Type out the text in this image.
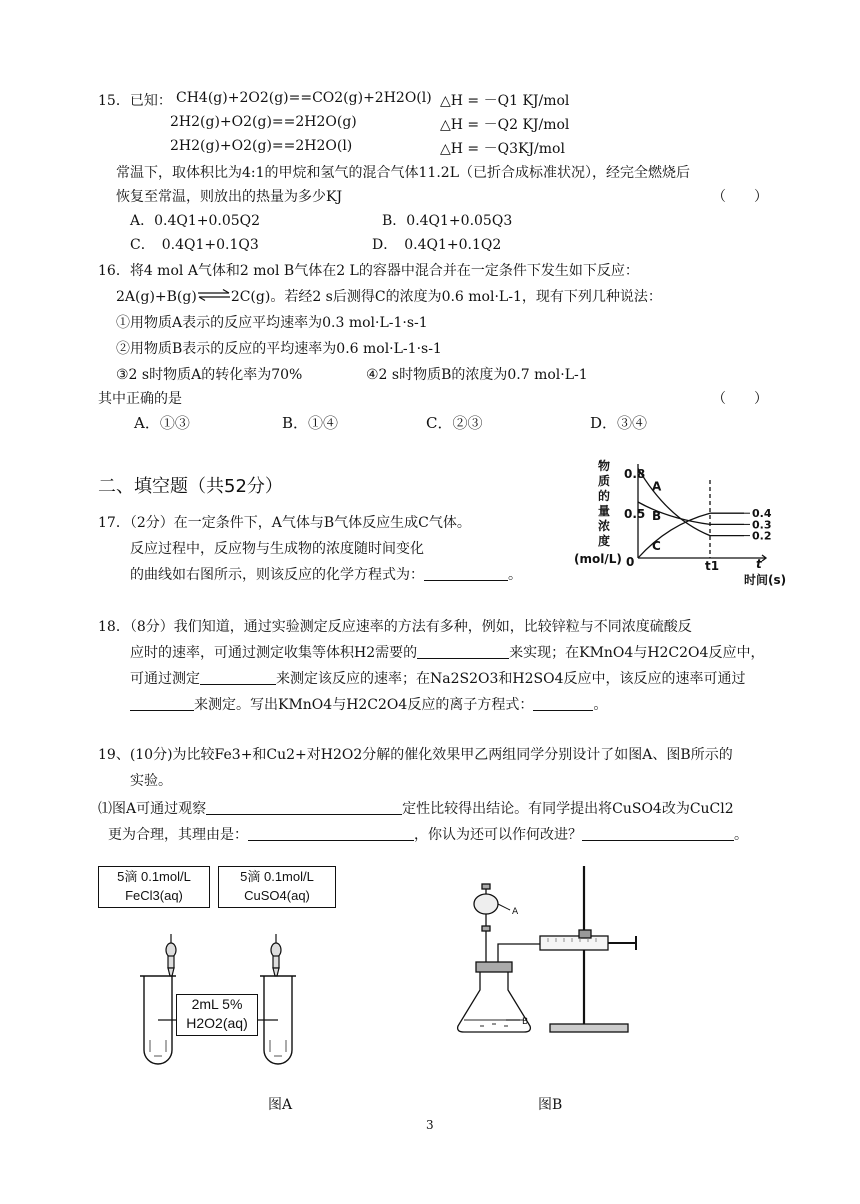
15．已知： CH4(g)+2O2(g)==CO2(g)+2H2O(l) △H = －Q1 KJ/mol
2H2(g)+O2(g)==2H2O(g)	△H = －Q2 KJ/mol
2H2(g)+O2(g)==2H2O(l)	△H = －Q3KJ/mol
常温下，取体积比为4:1的甲烷和氢气的混合气体11.2L（已折合成标准状况），经完全燃烧后
恢复至常温，则放出的热量为多少KJ	（　　）
A．0.4Q1+0.05Q2	B．0.4Q1+0.05Q3
C．　0.4Q1+0.1Q3	D．　0.4Q1+0.1Q2
16．将4 mol A气体和2 mol B气体在2 L的容器中混合并在一定条件下发生如下反应：
2A(g)+B(g)⇌2C(g)。若经2 s后测得C的浓度为0.6 mol·L-1，现有下列几种说法：
①用物质A表示的反应平均速率为0.3 mol·L-1·s-1
②用物质B表示的反应的平均速率为0.6 mol·L-1·s-1
③2 s时物质A的转化率为70%	④2 s时物质B的浓度为0.7 mol·L-1
其中正确的是	（　　）
A．①③	B．①④	C．②③	D．③④
二、填空题（共52分）
17．（2分）在一定条件下，A气体与B气体反应生成C气体。
反应过程中，反应物与生成物的浓度随时间变化
的曲线如右图所示，则该反应的化学方程式为：	。
物质的量浓度(mol/L)
时间(s)
0
0.8
0.5
t1	t
A
B
C
0.4
0.3
0.2
18．（8分）我们知道，通过实验测定反应速率的方法有多种，例如，比较锌粒与不同浓度硫酸反
应时的速率，可通过测定收集等体积H2需要的	来实现；在KMnO4与H2C2O4反应中，
可通过测定	来测定该反应的速率；在Na2S2O3和H2SO4反应中，该反应的速率可通过
来测定。写出KMnO4与H2C2O4反应的离子方程式：	。
19、(10分)为比较Fe3+和Cu2+对H2O2分解的催化效果甲乙两组同学分别设计了如图A、图B所示的
实验。
⑴图A可通过观察	定性比较得出结论。有同学提出将CuSO4改为CuCl2
更为合理，其理由是：	，你认为还可以作何改进？	。
5滴 0.1mol/L
FeCl3(aq)
5滴 0.1mol/L
CuSO4(aq)
2mL 5%
H2O2(aq)
图A
A
B
图B
3
